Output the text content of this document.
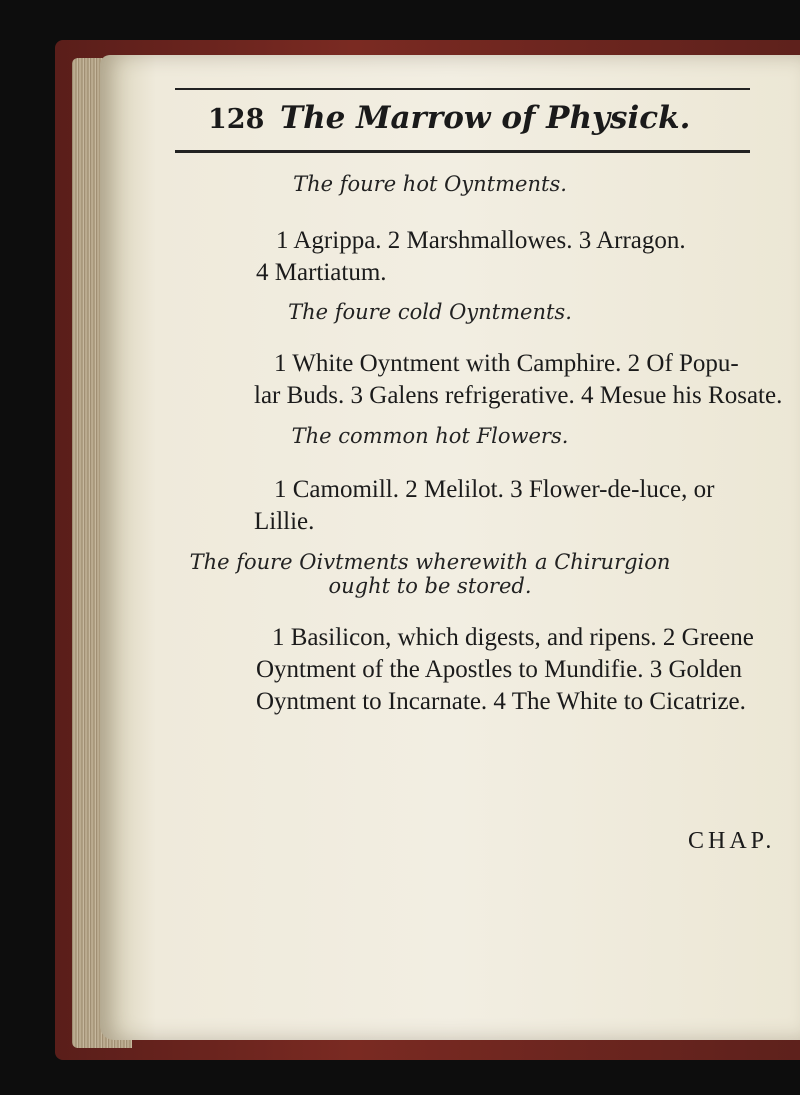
128 The Marrow of Physick.
The foure hot Oyntments.

1 Agrippa. 2 Marshmallowes. 3 Arragon.
4 Martiatum.

The foure cold Oyntments.

1 White Oyntment with Camphire. 2 Of Popu-
lar Buds. 3 Galens refrigerative. 4 Mesue his Rosate.

The common hot Flowers.

1 Camomill. 2 Melilot. 3 Flower-de-luce, or
Lillie.

The foure Oivtments wherewith a Chirurgion
ought to be stored.

1 Basilicon, which digests, and ripens. 2 Greene
Oyntment of the Apostles to Mundifie. 3 Golden
Oyntment to Incarnate. 4 The White to Cicatrize.

CHAP.
